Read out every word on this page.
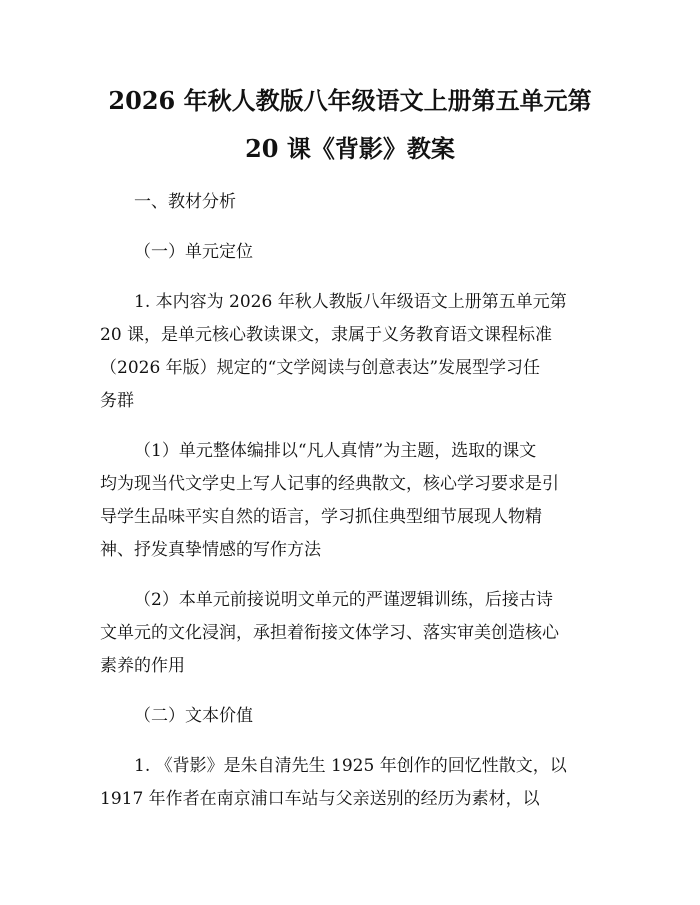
2026 年秋人教版八年级语文上册第五单元第
20 课《背影》教案

一、教材分析

（一）单元定位

1. 本内容为 2026 年秋人教版八年级语文上册第五单元第

20 课，是单元核心教读课文，隶属于义务教育语文课程标准

（2026 年版）规定的“文学阅读与创意表达”发展型学习任

务群

（1）单元整体编排以“凡人真情”为主题，选取的课文

均为现当代文学史上写人记事的经典散文，核心学习要求是引

导学生品味平实自然的语言，学习抓住典型细节展现人物精

神、抒发真挚情感的写作方法

（2）本单元前接说明文单元的严谨逻辑训练，后接古诗

文单元的文化浸润，承担着衔接文体学习、落实审美创造核心

素养的作用

（二）文本价值

1. 《背影》是朱自清先生 1925 年创作的回忆性散文，以

1917 年作者在南京浦口车站与父亲送别的经历为素材，以
